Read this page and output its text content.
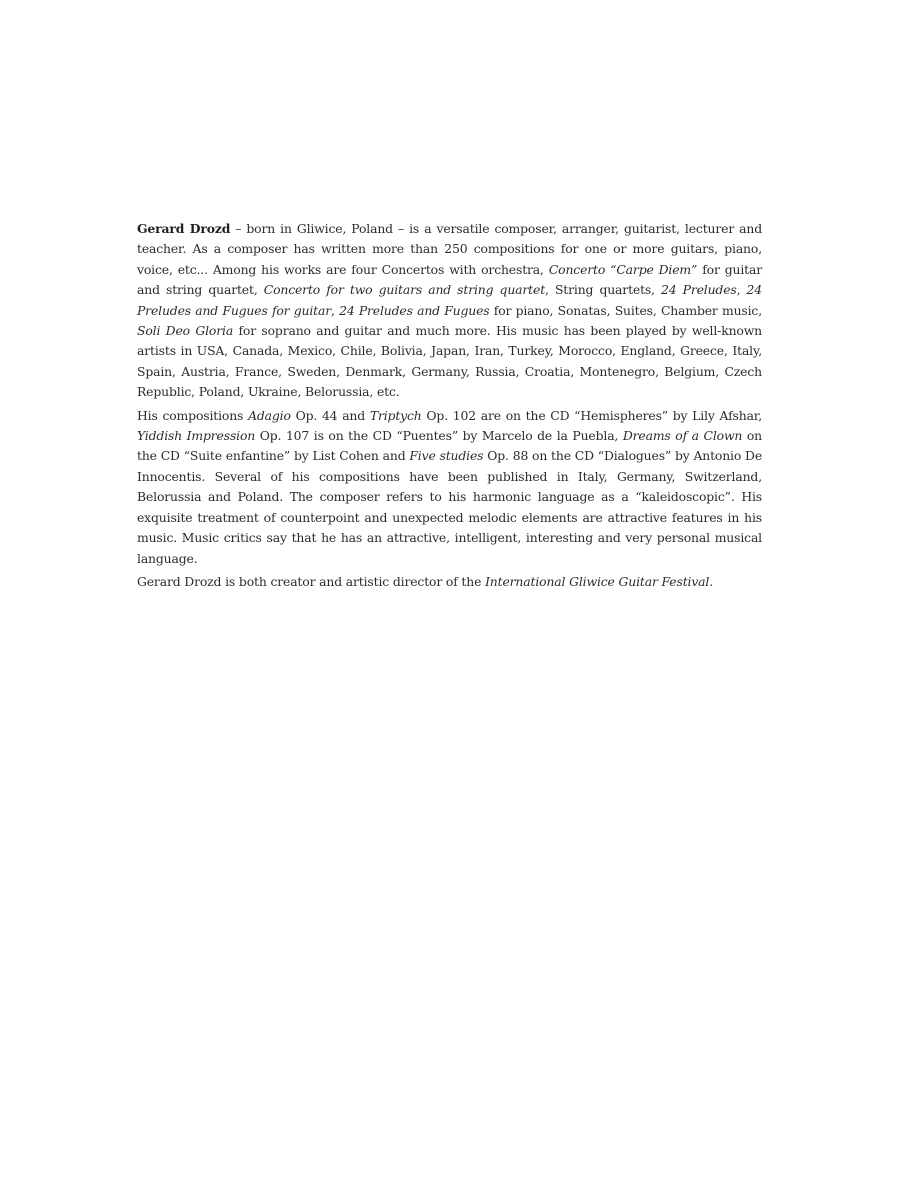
Gerard Drozd – born in Gliwice, Poland – is a versatile composer, arranger, guitarist, lecturer and teacher. As a composer has written more than 250 compositions for one or more guitars, piano, voice, etc... Among his works are four Concertos with orchestra, Concerto “Carpe Diem” for guitar and string quartet, Concerto for two guitars and string quartet, String quartets, 24 Preludes, 24 Preludes and Fugues for guitar, 24 Preludes and Fugues for piano, Sonatas, Suites, Chamber music, Soli Deo Gloria for soprano and guitar and much more. His music has been played by well-known artists in USA, Canada, Mexico, Chile, Bolivia, Japan, Iran, Turkey, Morocco, England, Greece, Italy, Spain, Austria, France, Sweden, Denmark, Germany, Russia, Croatia, Montenegro, Belgium, Czech Republic, Poland, Ukraine, Belorussia, etc.

His compositions Adagio Op. 44 and Triptych Op. 102 are on the CD “Hemispheres” by Lily Afshar, Yiddish Impression Op. 107 is on the CD “Puentes” by Marcelo de la Puebla, Dreams of a Clown on the CD “Suite enfantine” by List Cohen and Five studies Op. 88 on the CD “Dialogues” by Antonio De Innocentis. Several of his compositions have been published in Italy, Germany, Switzerland, Belorussia and Poland. The composer refers to his harmonic language as a “kaleidoscopic”. His exquisite treatment of counterpoint and unexpected melodic elements are attractive features in his music. Music critics say that he has an attractive, intelligent, interesting and very personal musical language.

Gerard Drozd is both creator and artistic director of the International Gliwice Guitar Festival.
